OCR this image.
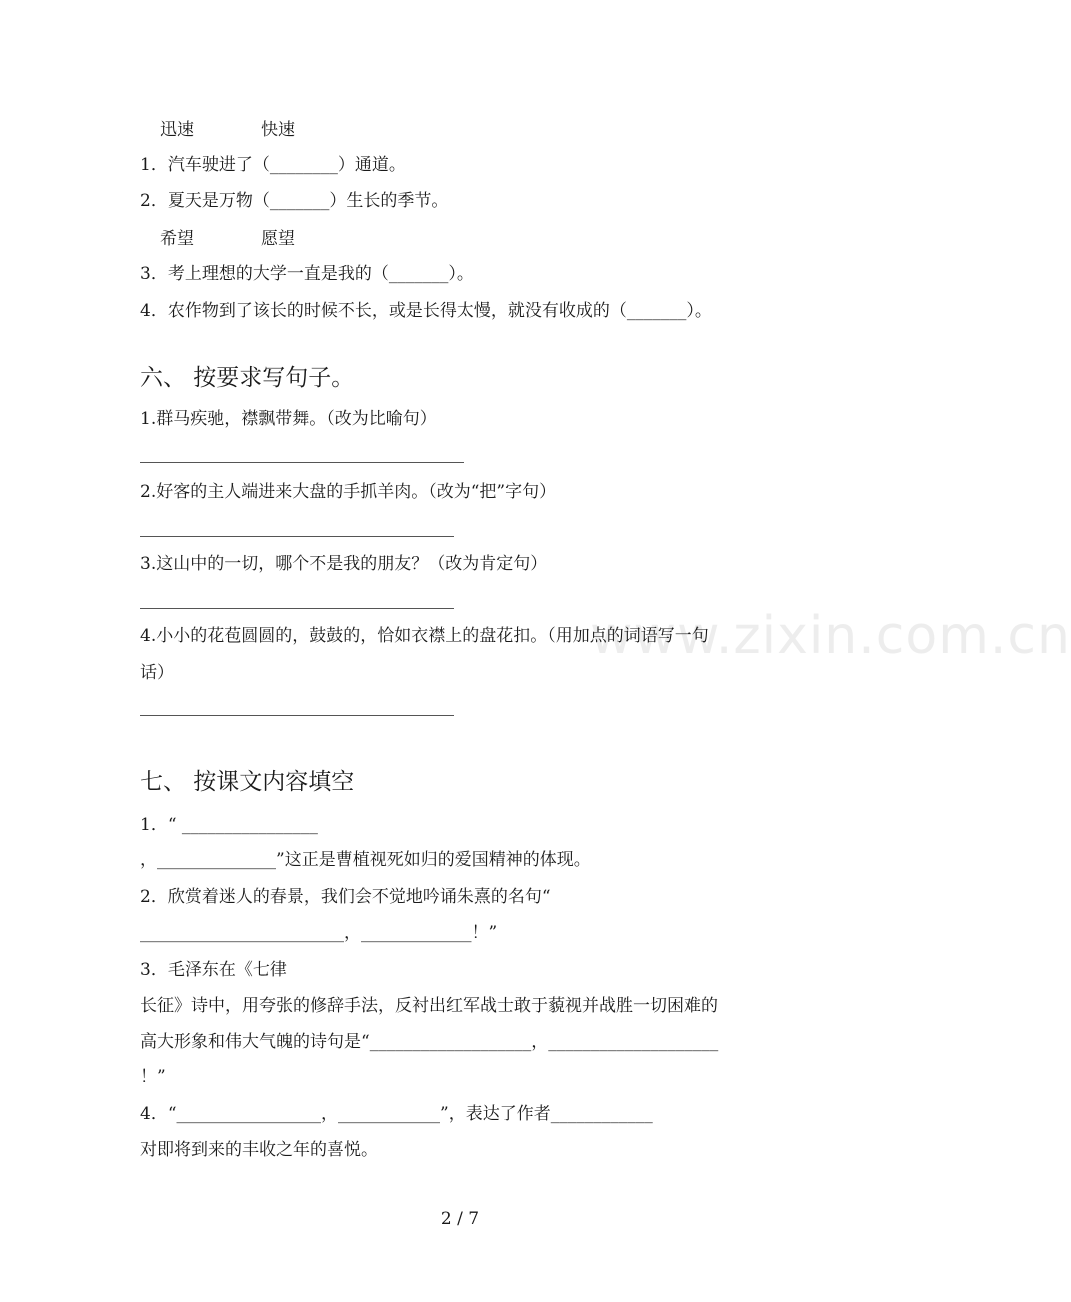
www.zixin.com.cn
迅速	快速
1．汽车驶进了（________）通道。
2．夏天是万物（_______）生长的季节。
希望	愿望
3．考上理想的大学一直是我的（_______）。
4．农作物到了该长的时候不长，或是长得太慢，就没有收成的（_______）。
六、 按要求写句子。
1.群马疾驰，襟飘带舞。（改为比喻句）
2.好客的主人端进来大盘的手抓羊肉。（改为“把”字句）
3.这山中的一切，哪个不是我的朋友？（改为肯定句）
4.小小的花苞圆圆的，鼓鼓的，恰如衣襟上的盘花扣。（用加点的词语写一句
话）
七、 按课文内容填空
1．“ ________________
，______________”这正是曹植视死如归的爱国精神的体现。
2．欣赏着迷人的春景，我们会不觉地吟诵朱熹的名句“
________________________，_____________！”
3．毛泽东在《七律
长征》诗中，用夸张的修辞手法，反衬出红军战士敢于藐视并战胜一切困难的
高大形象和伟大气魄的诗句是“___________________，____________________
！”
4．“_________________，____________”，表达了作者____________
对即将到来的丰收之年的喜悦。
2 / 7
